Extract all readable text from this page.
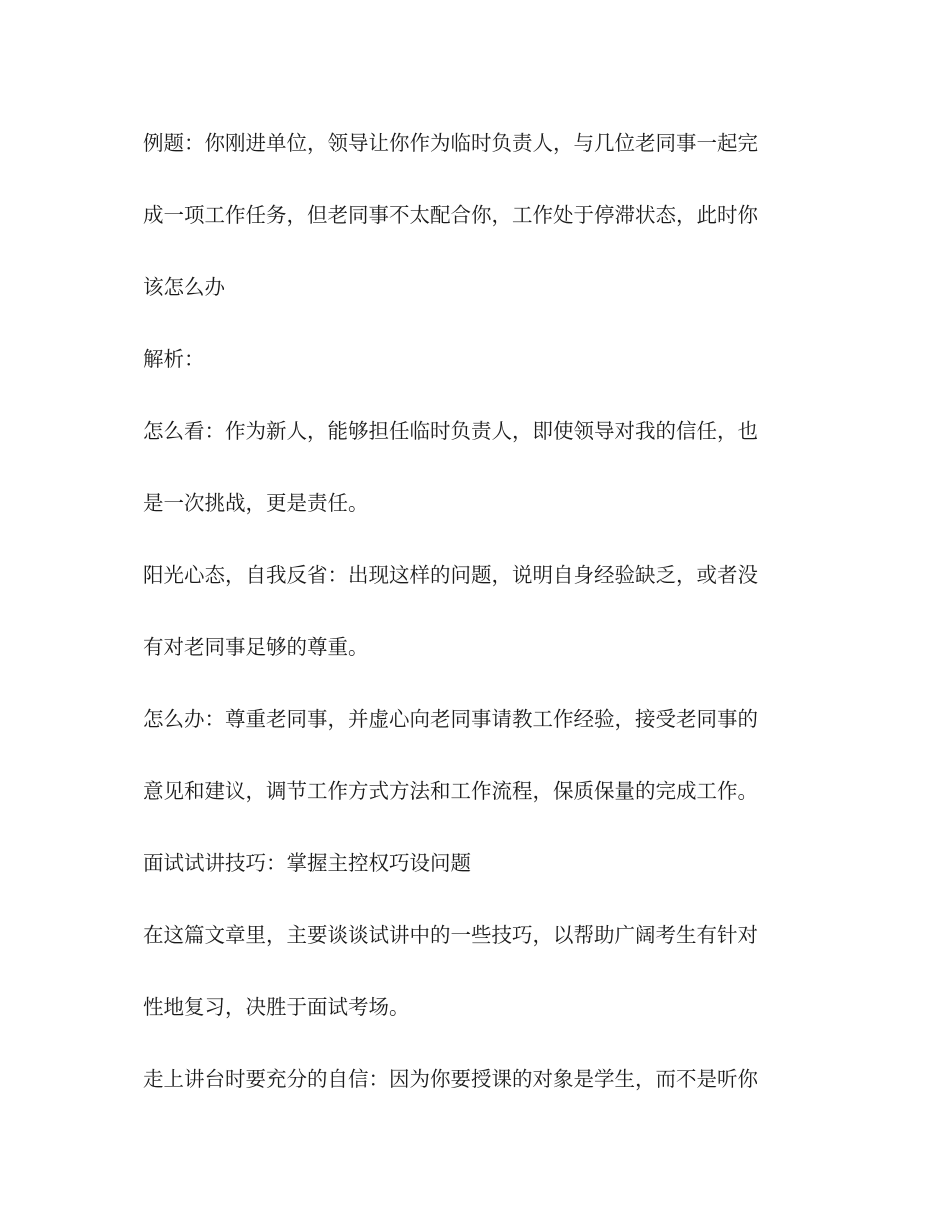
例题：你刚进单位，领导让你作为临时负责人，与几位老同事一起完
成一项工作任务，但老同事不太配合你，工作处于停滞状态，此时你
该怎么办
解析：
怎么看：作为新人，能够担任临时负责人，即使领导对我的信任，也
是一次挑战，更是责任。
阳光心态，自我反省：出现这样的问题，说明自身经验缺乏，或者没
有对老同事足够的尊重。
怎么办：尊重老同事，并虚心向老同事请教工作经验，接受老同事的
意见和建议，调节工作方式方法和工作流程，保质保量的完成工作。
面试试讲技巧：掌握主控权巧设问题
在这篇文章里，主要谈谈试讲中的一些技巧，以帮助广阔考生有针对
性地复习，决胜于面试考场。
走上讲台时要充分的自信：因为你要授课的对象是学生，而不是听你
